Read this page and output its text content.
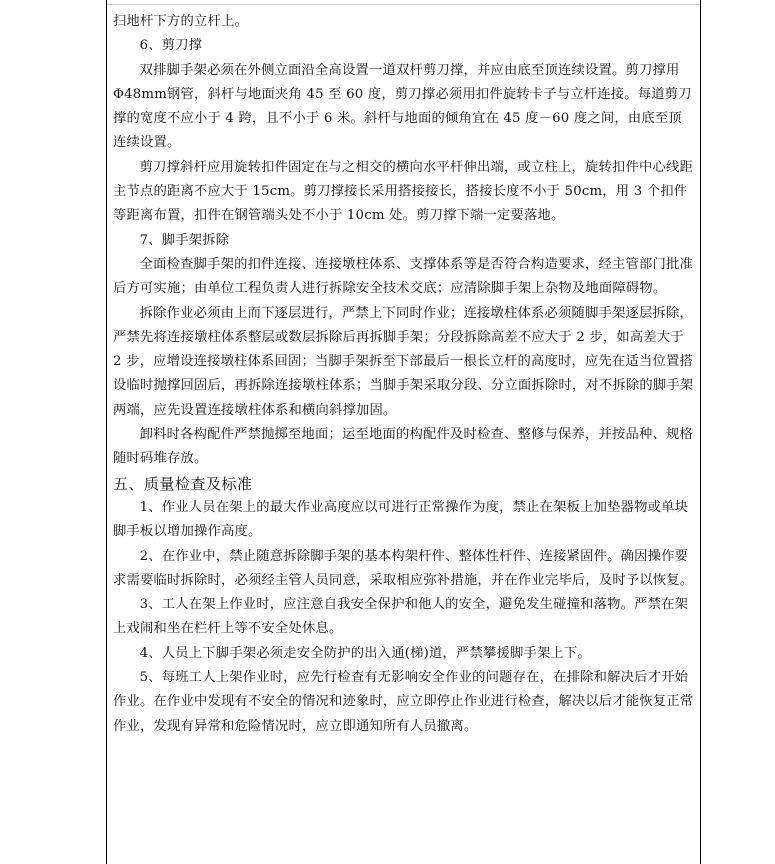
扫地杆下方的立杆上。

6、剪刀撑

双排脚手架必须在外侧立面沿全高设置一道双杆剪刀撑，并应由底至顶连续设置。剪刀撑用Φ48mm钢管，斜杆与地面夹角 45 至 60 度，剪刀撑必须用扣件旋转卡子与立杆连接。每道剪刀撑的宽度不应小于 4 跨，且不小于 6 米。斜杆与地面的倾角宜在 45 度－60 度之间，由底至顶连续设置。

剪刀撑斜杆应用旋转扣件固定在与之相交的横向水平杆伸出端，或立柱上，旋转扣件中心线距主节点的距离不应大于 15cm。剪刀撑接长采用搭接接长，搭接长度不小于 50cm，用 3 个扣件等距离布置，扣件在钢管端头处不小于 10cm 处。剪刀撑下端一定要落地。

7、脚手架拆除

全面检查脚手架的扣件连接、连接墩柱体系、支撑体系等是否符合构造要求，经主管部门批准后方可实施；由单位工程负责人进行拆除安全技术交底；应清除脚手架上杂物及地面障碍物。

拆除作业必须由上而下逐层进行，严禁上下同时作业；连接墩柱体系必须随脚手架逐层拆除，严禁先将连接墩柱体系整层或数层拆除后再拆脚手架；分段拆除高差不应大于 2 步，如高差大于 2 步，应增设连接墩柱体系回固；当脚手架拆至下部最后一根长立杆的高度时，应先在适当位置搭设临时抛撑回固后，再拆除连接墩柱体系；当脚手架采取分段、分立面拆除时，对不拆除的脚手架两端，应先设置连接墩柱体系和横向斜撑加固。

卸料时各构配件严禁抛掷至地面；运至地面的构配件及时检查、整修与保养，并按品种、规格随时码堆存放。

五、质量检查及标准

1、作业人员在架上的最大作业高度应以可进行正常操作为度，禁止在架板上加垫器物或单块脚手板以增加操作高度。

2、在作业中，禁止随意拆除脚手架的基本构架杆件、整体性杆件、连接紧固件。确因操作要求需要临时拆除时，必须经主管人员同意，采取相应弥补措施，并在作业完毕后，及时予以恢复。

3、工人在架上作业时，应注意自我安全保护和他人的安全，避免发生碰撞和落物。严禁在架上戏闹和坐在栏杆上等不安全处休息。

4、人员上下脚手架必须走安全防护的出入通(梯)道，严禁攀援脚手架上下。

5、每班工人上架作业时，应先行检查有无影响安全作业的问题存在，在排除和解决后才开始作业。在作业中发现有不安全的情况和迹象时，应立即停止作业进行检查，解决以后才能恢复正常作业，发现有异常和危险情况时，应立即通知所有人员撤离。
